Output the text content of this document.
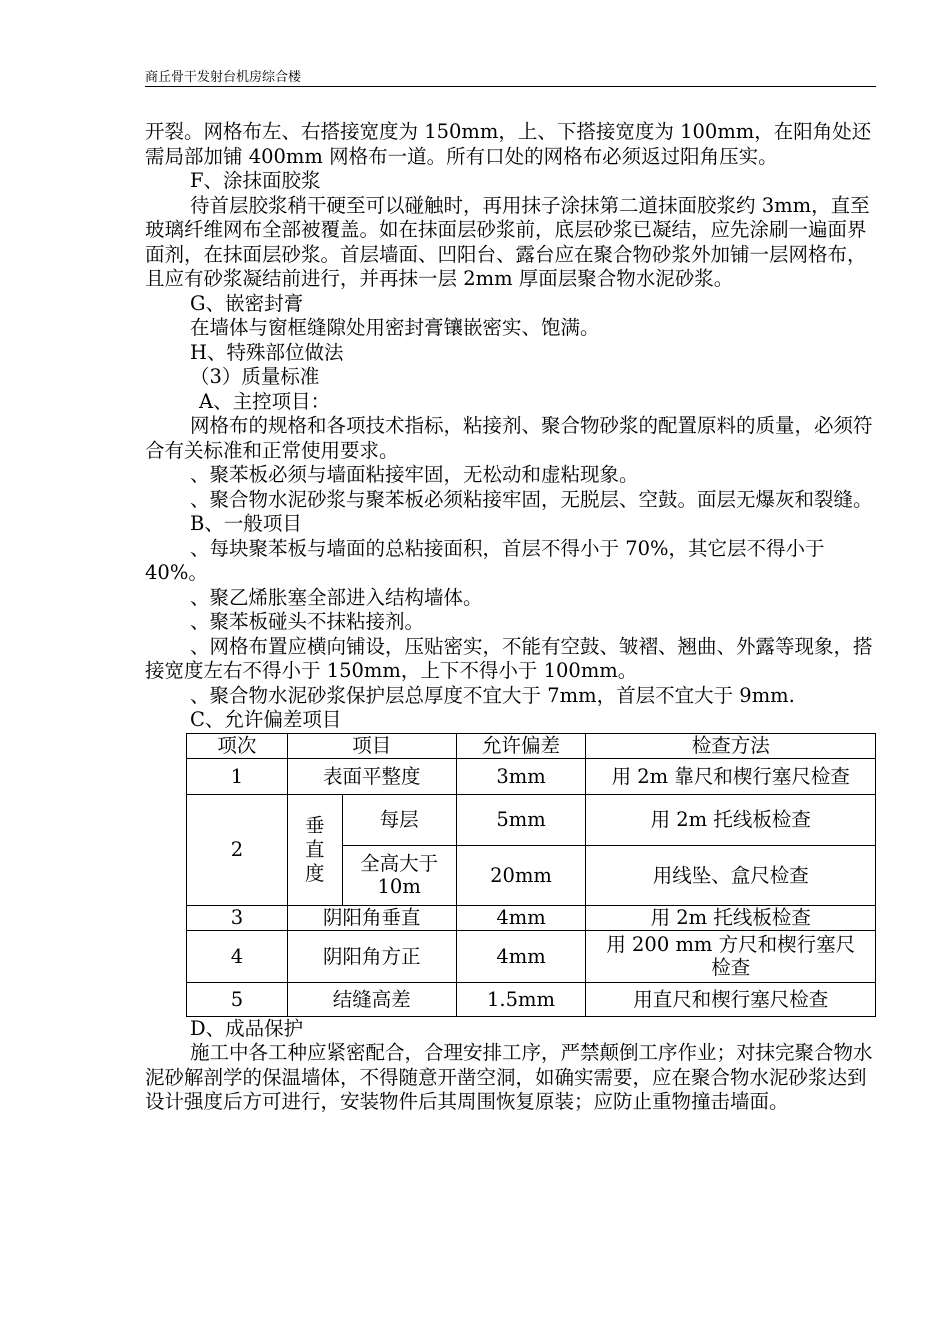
商丘骨干发射台机房综合楼

开裂。网格布左、右搭接宽度为 150mm，上、下搭接宽度为 100mm，在阳角处还需局部加铺 400mm 网格布一道。所有口处的网格布必须返过阳角压实。

F、涂抹面胶浆

待首层胶浆稍干硬至可以碰触时，再用抹子涂抹第二道抹面胶浆约 3mm，直至玻璃纤维网布全部被覆盖。如在抹面层砂浆前，底层砂浆已凝结，应先涂刷一遍面界面剂，在抹面层砂浆。首层墙面、凹阳台、露台应在聚合物砂浆外加铺一层网格布，且应有砂浆凝结前进行，并再抹一层 2mm 厚面层聚合物水泥砂浆。

G、嵌密封膏

在墙体与窗框缝隙处用密封膏镶嵌密实、饱满。

H、特殊部位做法

（3）质量标准

A、主控项目：

网格布的规格和各项技术指标，粘接剂、聚合物砂浆的配置原料的质量，必须符合有关标准和正常使用要求。

、聚苯板必须与墙面粘接牢固，无松动和虚粘现象。

、聚合物水泥砂浆与聚苯板必须粘接牢固，无脱层、空鼓。面层无爆灰和裂缝。

B、一般项目

、每块聚苯板与墙面的总粘接面积，首层不得小于 70%，其它层不得小于 40%。

、聚乙烯胀塞全部进入结构墙体。

、聚苯板碰头不抹粘接剂。

、网格布置应横向铺设，压贴密实，不能有空鼓、皱褶、翘曲、外露等现象，搭接宽度左右不得小于 150mm，上下不得小于 100mm。

、聚合物水泥砂浆保护层总厚度不宜大于 7mm，首层不宜大于 9mm.

C、允许偏差项目

项次	项目		允许偏差	检查方法
1	表面平整度		3mm	用 2m 靠尺和楔行塞尺检查
2	垂直度	每层	5mm	用 2m 托线板检查
		全高大于 10m	20mm	用线坠、盒尺检查
3	阴阳角垂直		4mm	用 2m 托线板检查
4	阴阳角方正		4mm	用 200 mm 方尺和楔行塞尺检查
5	结缝高差		1.5mm	用直尺和楔行塞尺检查

D、成品保护

施工中各工种应紧密配合，合理安排工序，严禁颠倒工序作业；对抹完聚合物水泥砂解剖学的保温墙体，不得随意开凿空洞，如确实需要，应在聚合物水泥砂浆达到设计强度后方可进行，安装物件后其周围恢复原装；应防止重物撞击墙面。
